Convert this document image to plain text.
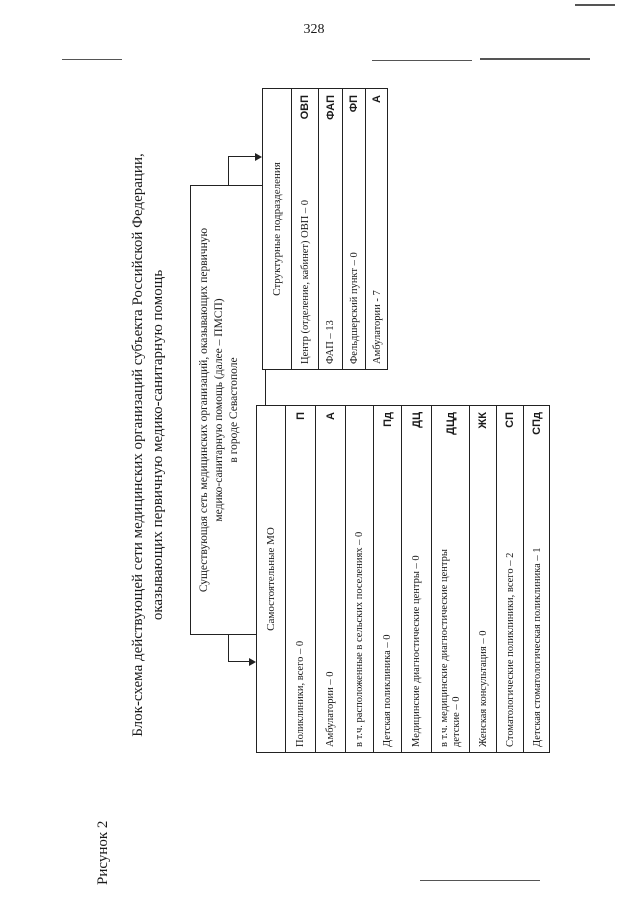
328
Рисунок 2
Блок-схема действующей сети медицинских организаций субъекта Российской Федерации, оказывающих первичную медико-санитарную помощь	Существующая сеть медицинских организаций, оказывающих первичную медико-санитарную помощь (далее – ПМСП) в городе Севастополе
Самостоятельные МО
Поликлиники, всего – 0
П
Амбулатории – 0
А
в т.ч. расположенные в сельских поселениях – 0 Детская поликлиника – 0
Пд
Медицинские диагностические центры – 0
ДЦ
в т.ч. медицинские диагностические центры детские – 0
ДЦд
Женская консультация – 0
ЖК
Стоматологические поликлиники, всего – 2
СП
Детская стоматологическая поликлиника – 1
СПд
Структурные подразделения	Центр (отделение, кабинет) ОВП – 0
ОВП
ФАП – 13
ФАП
Фельдшерский пункт – 0
ФП
Амбулатории - 7
А
